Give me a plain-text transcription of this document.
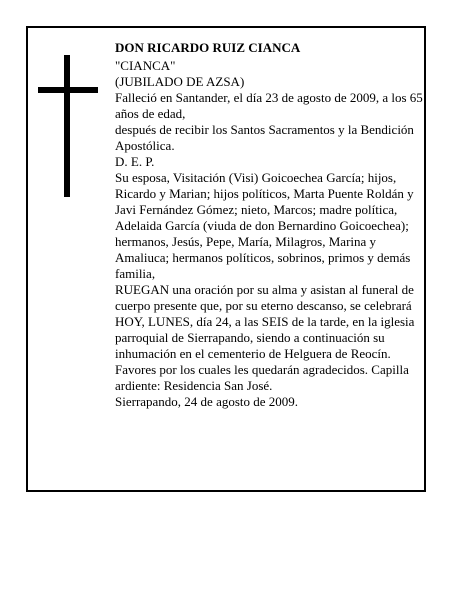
DON RICARDO RUIZ CIANCA

"CIANCA"

(JUBILADO DE AZSA)

Falleció en Santander, el día 23 de agosto de 2009, a los 65 años de edad,

después de recibir los Santos Sacramentos y la Bendición Apostólica.

D. E. P.

Su esposa, Visitación (Visi) Goicoechea García; hijos, Ricardo y Marian; hijos políticos, Marta Puente Roldán y Javi Fernández Gómez; nieto, Marcos; madre política, Adelaida García (viuda de don Bernardino Goicoechea); hermanos, Jesús, Pepe, María, Milagros, Marina y Amaliuca; hermanos políticos, sobrinos, primos y demás familia,

RUEGAN una oración por su alma y asistan al funeral de cuerpo presente que, por su eterno descanso, se celebrará HOY, LUNES, día 24, a las SEIS de la tarde, en la iglesia parroquial de Sierrapando, siendo a continuación su inhumación en el cementerio de Helguera de Reocín. Favores por los cuales les quedarán agradecidos. Capilla ardiente: Residencia San José.

Sierrapando, 24 de agosto de 2009.
